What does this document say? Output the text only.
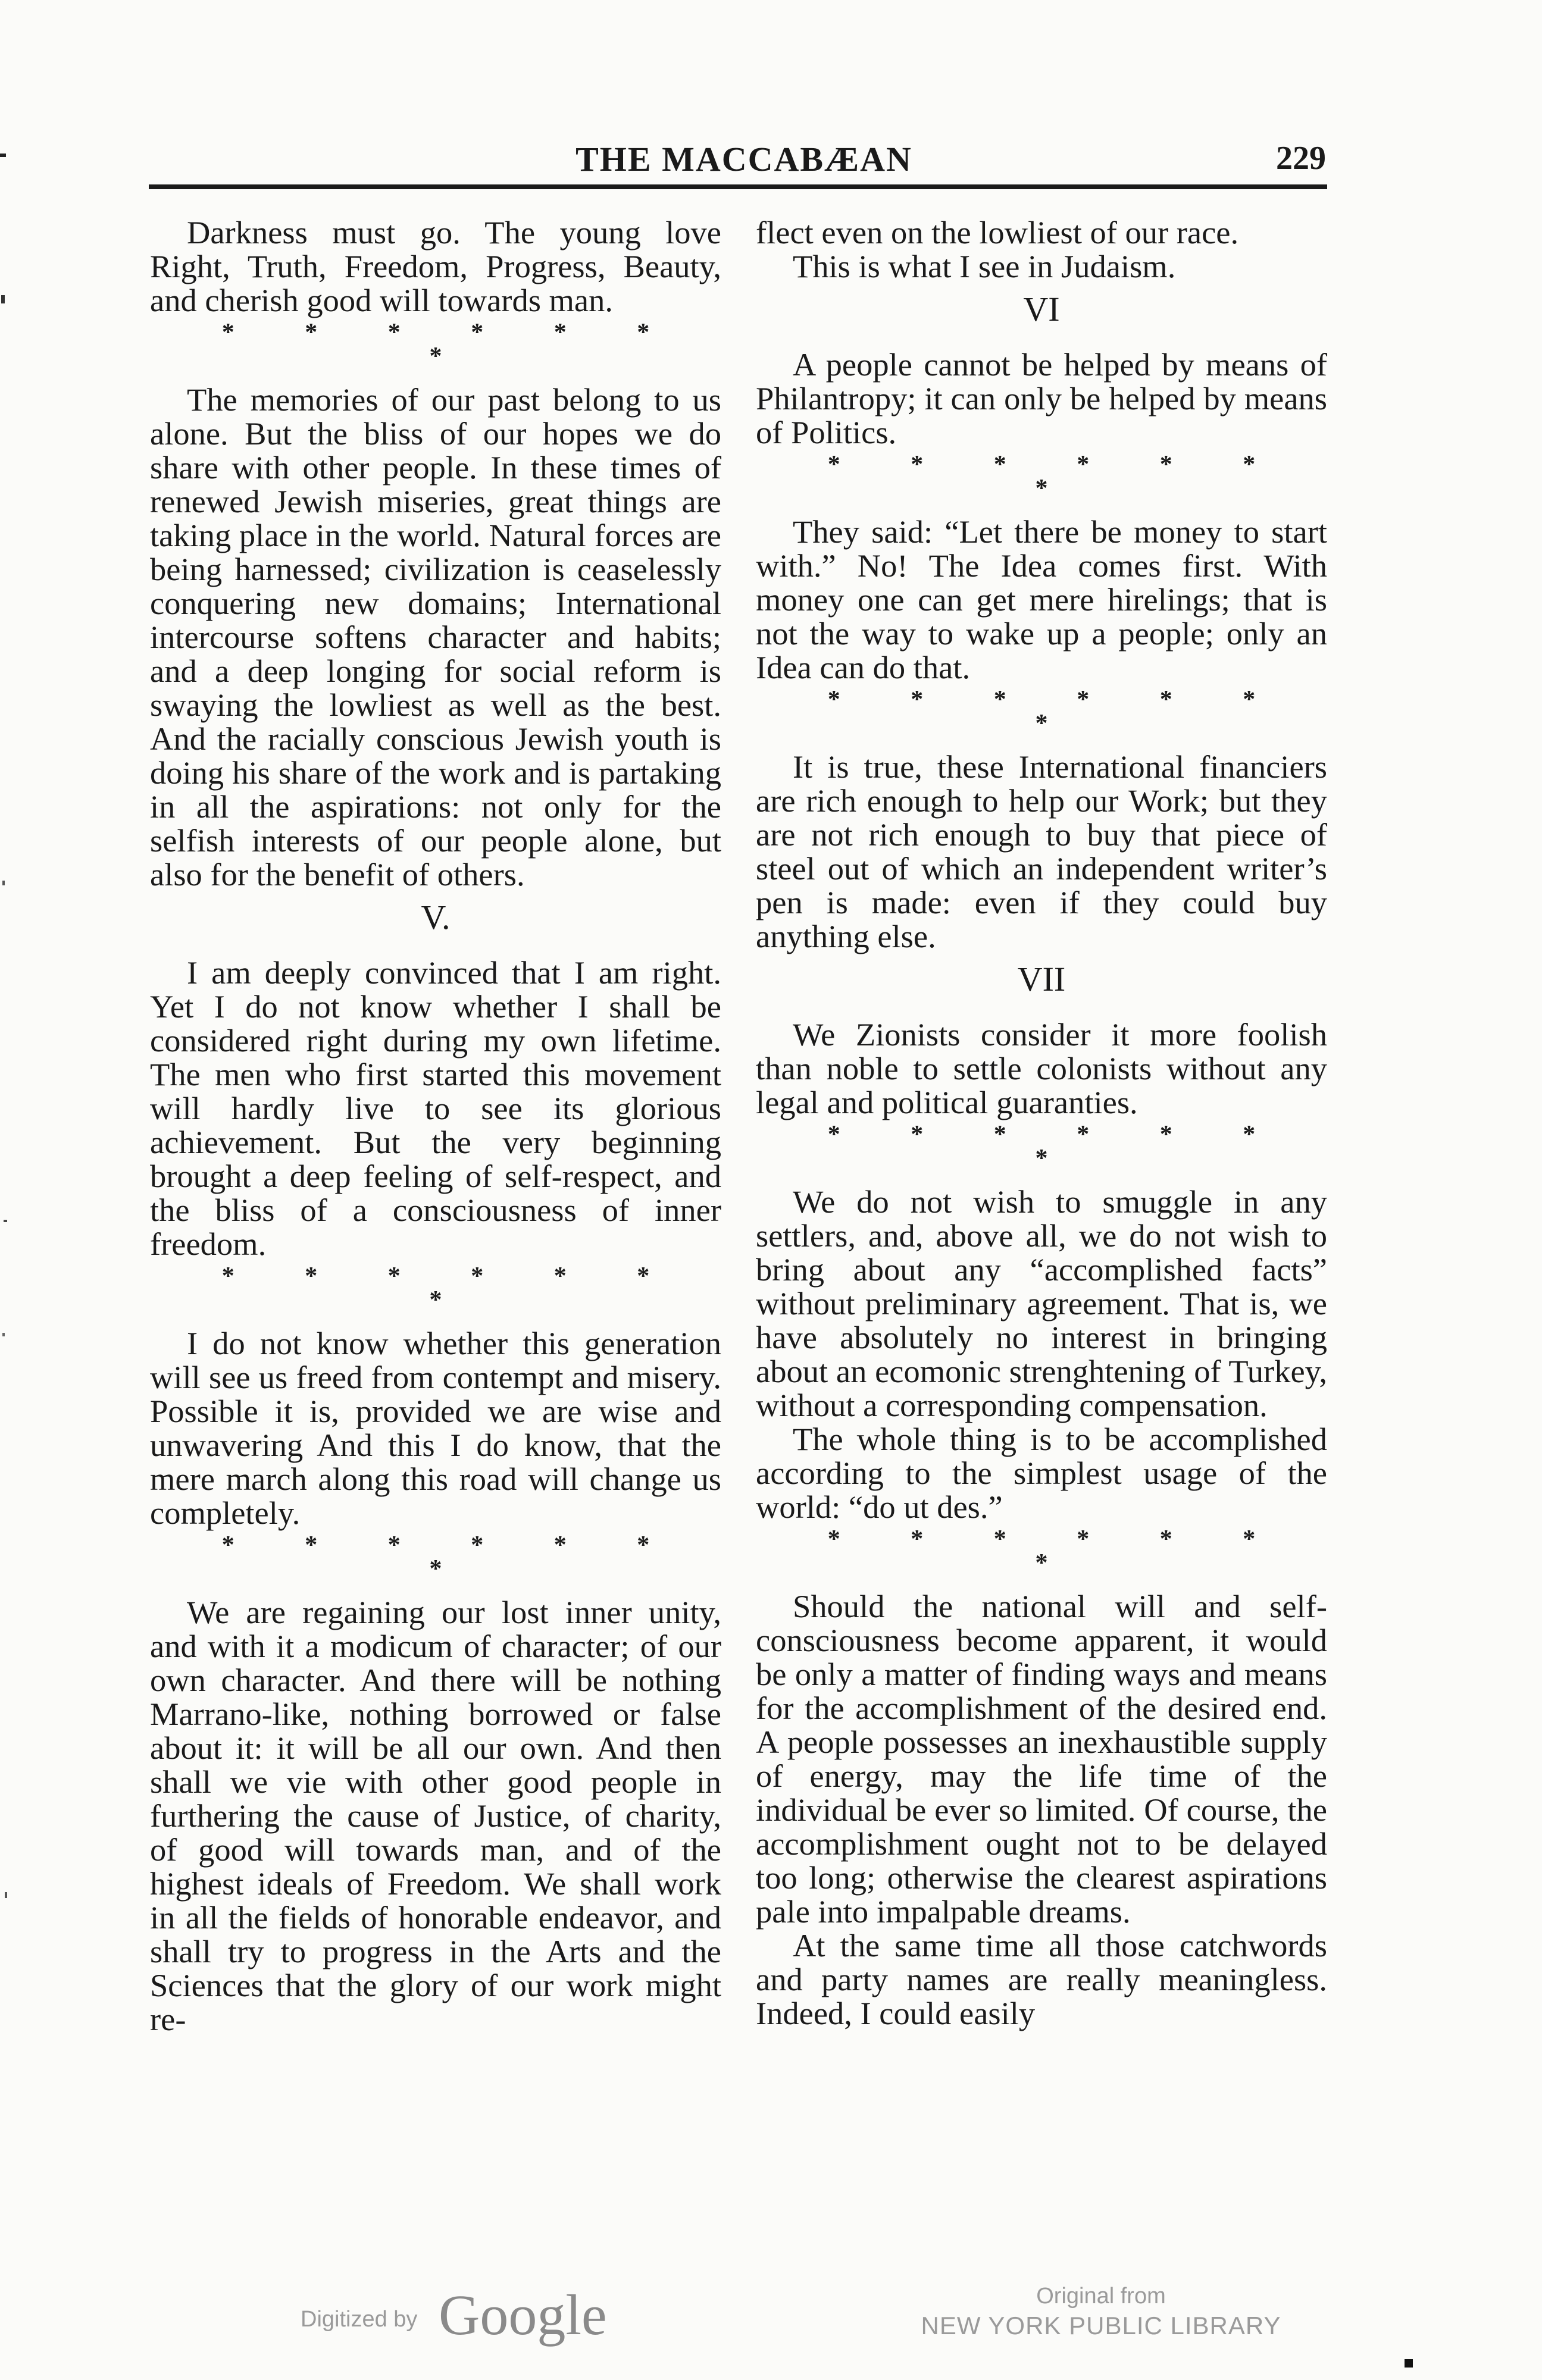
THE MACCABÆAN	229

Darkness must go. The young love Right, Truth, Freedom, Progress, Beauty, and cherish good will towards man.

* * * * * * *

The memories of our past belong to us alone. But the bliss of our hopes we do share with other people. In these times of renewed Jewish miseries, great things are taking place in the world. Natural forces are being harnessed; civilization is ceaselessly conquering new domains; International intercourse softens character and habits; and a deep longing for social reform is swaying the lowliest as well as the best. And the racially conscious Jewish youth is doing his share of the work and is partaking in all the aspirations: not only for the selfish interests of our people alone, but also for the benefit of others.

V.

I am deeply convinced that I am right. Yet I do not know whether I shall be considered right during my own lifetime. The men who first started this movement will hardly live to see its glorious achievement. But the very beginning brought a deep feeling of self-respect, and the bliss of a consciousness of inner freedom.

* * * * * * *

I do not know whether this generation will see us freed from contempt and misery. Possible it is, provided we are wise and unwavering And this I do know, that the mere march along this road will change us completely.

* * * * * * *

We are regaining our lost inner unity, and with it a modicum of character; of our own character. And there will be nothing Marrano-like, nothing borrowed or false about it: it will be all our own. And then shall we vie with other good people in furthering the cause of Justice, of charity, of good will towards man, and of the highest ideals of Freedom. We shall work in all the fields of honorable endeavor, and shall try to progress in the Arts and the Sciences that the glory of our work might re-

flect even on the lowliest of our race.

This is what I see in Judaism.

VI

A people cannot be helped by means of Philantropy; it can only be helped by means of Politics.

* * * * * * *

They said: “Let there be money to start with.” No! The Idea comes first. With money one can get mere hirelings; that is not the way to wake up a people; only an Idea can do that.

* * * * * * *

It is true, these International financiers are rich enough to help our Work; but they are not rich enough to buy that piece of steel out of which an independent writer’s pen is made: even if they could buy anything else.

VII

We Zionists consider it more foolish than noble to settle colonists without any legal and political guaranties.

* * * * * * *

We do not wish to smuggle in any settlers, and, above all, we do not wish to bring about any “accomplished facts” without preliminary agreement. That is, we have absolutely no interest in bringing about an ecomonic strenghtening of Turkey, without a corresponding compensation.

The whole thing is to be accomplished according to the simplest usage of the world: “do ut des.”

* * * * * * *

Should the national will and self-consciousness become apparent, it would be only a matter of finding ways and means for the accomplishment of the desired end. A people possesses an inexhaustible supply of energy, may the life time of the individual be ever so limited. Of course, the accomplishment ought not to be delayed too long; otherwise the clearest aspirations pale into impalpable dreams.

At the same time all those catchwords and party names are really meaningless. Indeed, I could easily

Digitized by Google	Original from
NEW YORK PUBLIC LIBRARY
